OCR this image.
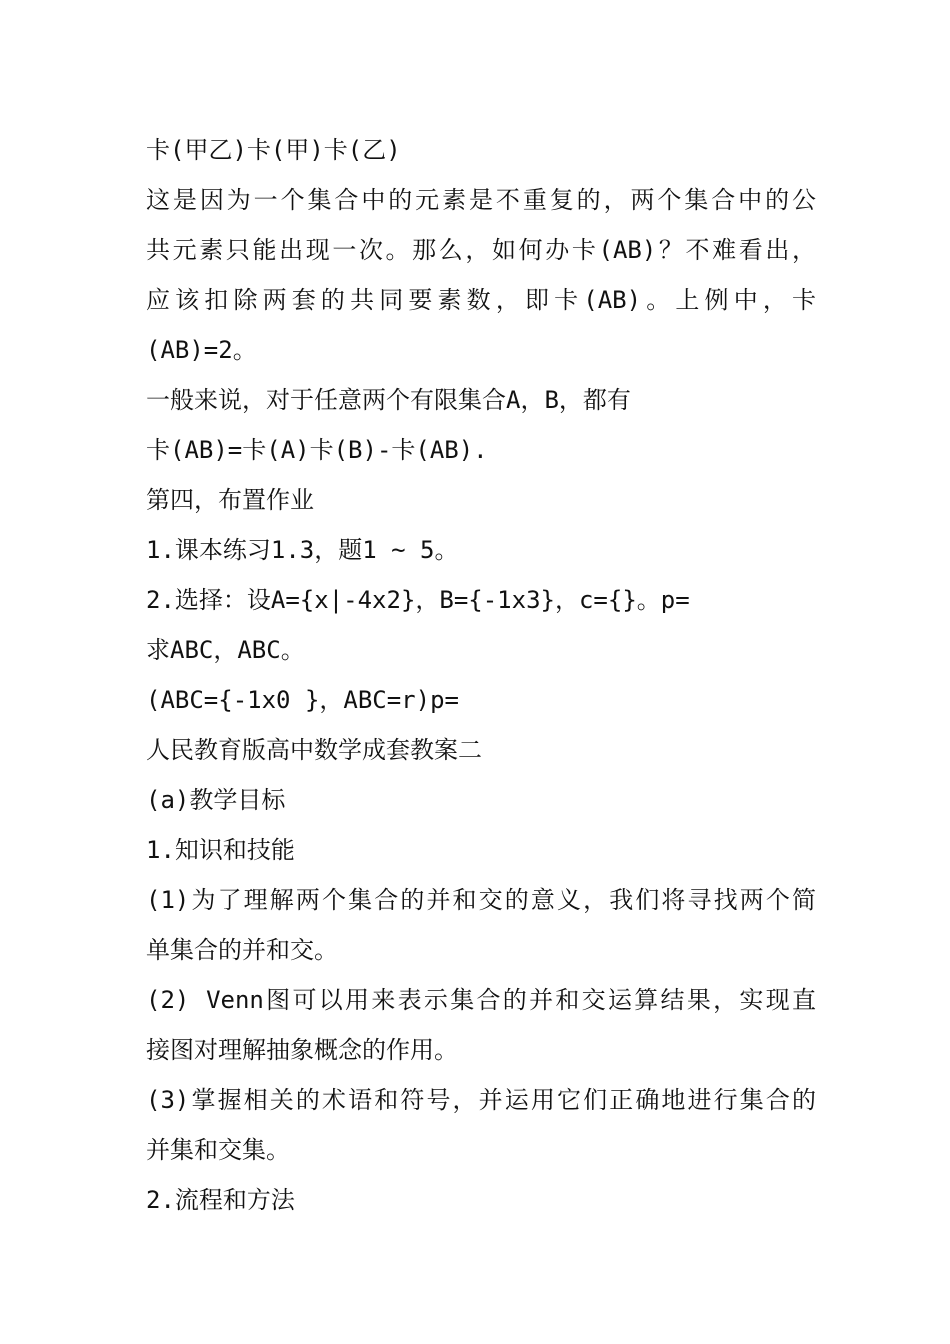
卡(甲乙)卡(甲)卡(乙)
这是因为一个集合中的元素是不重复的，两个集合中的公
共元素只能出现一次。那么，如何办卡(AB)？不难看出，
应该扣除两套的共同要素数，即卡(AB)。上例中，卡
(AB)=2。
一般来说，对于任意两个有限集合A，B，都有
卡(AB)=卡(A)卡(B)-卡(AB).
第四，布置作业
1.课本练习1.3，题1 ~ 5。
2.选择：设A={x|-4x2}，B={-1x3}，c={}。p=
求ABC，ABC。
(ABC={-1x0 }，ABC=r)p=
人民教育版高中数学成套教案二
(a)教学目标
1.知识和技能
(1)为了理解两个集合的并和交的意义，我们将寻找两个简
单集合的并和交。
(2) Venn图可以用来表示集合的并和交运算结果，实现直
接图对理解抽象概念的作用。
(3)掌握相关的术语和符号，并运用它们正确地进行集合的
并集和交集。
2.流程和方法
